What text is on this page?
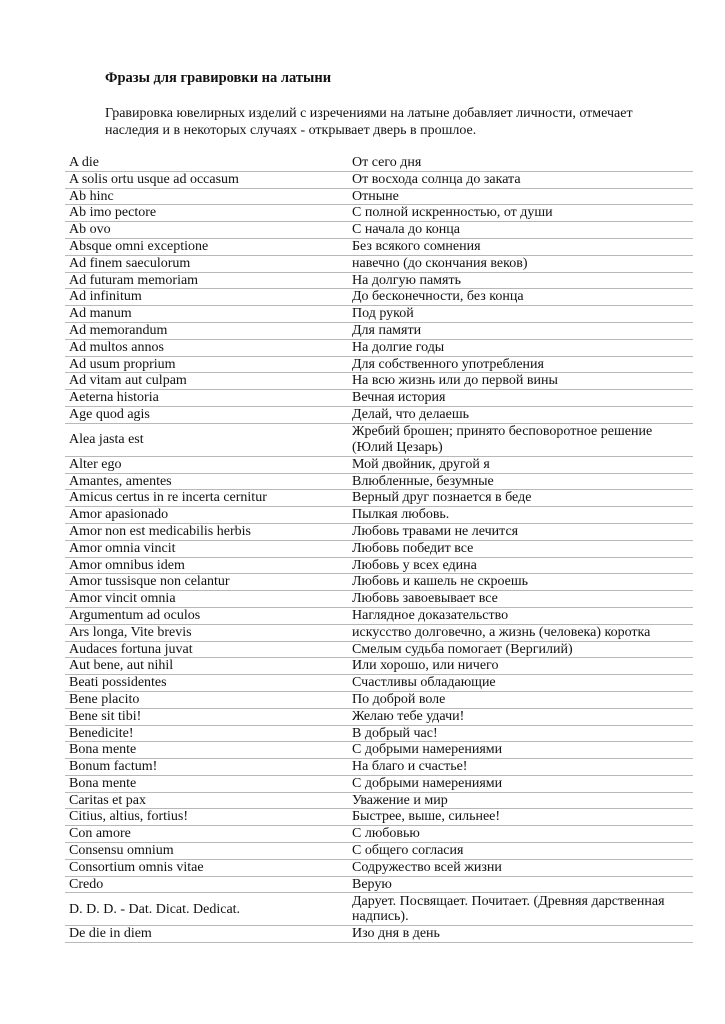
Фразы для гравировки на латыни
Гравировка ювелирных изделий с изречениями на латыне добавляет личности, отмечает
наследия и в некоторых случаях - открывает дверь в прошлое.
A die	От сего дня
A solis ortu usque ad occasum	От восхода солнца до заката
Ab hinc	Отныне
Ab imo pectore	С полной искренностью, от души
Ab ovo	С начала до конца
Absque omni exceptione	Без всякого сомнения
Ad finem saeculorum	навечно (до скончания веков)
Ad futuram memoriam	На долгую память
Ad infinitum	До бесконечности, без конца
Ad manum	Под рукой
Ad memorandum	Для памяти
Ad multos annos	На долгие годы
Ad usum proprium	Для собственного употребления
Ad vitam aut culpam	На всю жизнь или до первой вины
Aeterna historia	Вечная история
Age quod agis	Делай, что делаешь
Alea jasta est	Жребий брошен; принято бесповоротное решение (Юлий Цезарь)
Alter ego	Мой двойник, другой я
Amantes, amentes	Влюбленные, безумные
Amicus certus in re incerta cernitur	Верный друг познается в беде
Amor apasionado	Пылкая любовь.
Amor non est medicabilis herbis	Любовь травами не лечится
Amor omnia vincit	Любовь победит все
Amor omnibus idem	Любовь у всех едина
Amor tussisque non celantur	Любовь и кашель не скроешь
Amor vincit omnia	Любовь завоевывает все
Argumentum ad oculos	Наглядное доказательство
Ars longa, Vite brevis	искусство долговечно, а жизнь (человека) коротка
Audaces fortuna juvat	Смелым судьба помогает (Вергилий)
Aut bene, aut nihil	Или хорошо, или ничего
Beati possidentes	Счастливы обладающие
Bene placito	По доброй воле
Bene sit tibi!	Желаю тебе удачи!
Benedicite!	В добрый час!
Bona mente	С добрыми намерениями
Bonum factum!	На благо и счастье!
Bona mente	С добрыми намерениями
Caritas et pax	Уважение и мир
Citius, altius, fortius!	Быстрее, выше, сильнее!
Con amore	С любовью
Consensu omnium	С общего согласия
Consortium omnis vitae	Содружество всей жизни
Credo	Верую
D. D. D. - Dat. Dicat. Dedicat.	Дарует. Посвящает. Почитает. (Древняя дарственная надпись).
De die in diem	Изо дня в день
